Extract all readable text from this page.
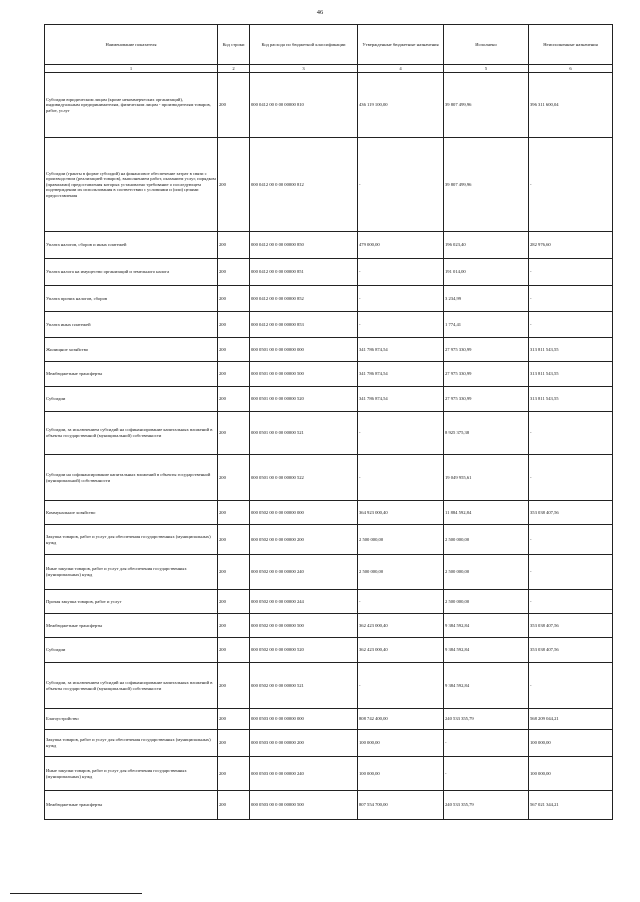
46
Наименование показателя	Код строки	Код расхода по бюджетной классификации	Утвержденные бюджетные назначения	Исполнено	Неисполненные назначения
1	2	3	4	5	6
Субсидии юридическим лицам (кроме некоммерческих организаций), индивидуальным предпринимателям, физическим лицам - производителям товаров, работ, услуг	200	000 0412 00 0 00 00000 810	436 119 100,00	39 807 499,96	396 311 600,04
Субсидии (гранты в форме субсидий) на финансовое обеспечение затрат в связи с производством (реализацией товаров), выполнением работ, оказанием услуг, порядком (правилами) предоставления которых установлено требование о последующем подтверждении их использования в соответствии с условиями и (или) целями предоставления	200	000 0412 00 0 00 00000 812	-	39 807 499,96	-
Уплата налогов, сборов и иных платежей	200	000 0412 00 0 00 00000 850	479 000,00	196 023,40	282 976,60
Уплата налога на имущество организаций и земельного налога	200	000 0412 00 0 00 00000 851	-	191 014,00	-
Уплата прочих налогов, сборов	200	000 0412 00 0 00 00000 852	-	3 234,99	-
Уплата иных платежей	200	000 0412 00 0 00 00000 853	-	1 774,41	-
Жилищное хозяйство	200	000 0501 00 0 00 00000 000	341 786 874,54	27 975 330,99	313 811 543,55
Межбюджетные трансферты	200	000 0501 00 0 00 00000 500	341 786 874,54	27 975 330,99	313 811 543,55
Субсидии	200	000 0501 00 0 00 00000 520	341 786 874,54	27 975 330,99	313 811 543,55
Субсидии, за исключением субсидий на софинансирование капитальных вложений в объекты государственной (муниципальной) собственности	200	000 0501 00 0 00 00000 521	-	8 925 375,38	-
Субсидии на софинансирование капитальных вложений в объекты государственной (муниципальной) собственности	200	000 0501 00 0 00 00000 522	-	19 049 955,61	-
Коммунальное хозяйство	200	000 0502 00 0 00 00000 000	364 923 000,40	11 884 592,84	353 038 407,56
Закупка товаров, работ и услуг для обеспечения государственных (муниципальных) нужд	200	000 0502 00 0 00 00000 200	2 500 000,00	2 500 000,00	-
Иные закупки товаров, работ и услуг для обеспечения государственных (муниципальных) нужд	200	000 0502 00 0 00 00000 240	2 500 000,00	2 500 000,00	-
Прочая закупка товаров, работ и услуг	200	000 0502 00 0 00 00000 244	-	2 500 000,00	-
Межбюджетные трансферты	200	000 0502 00 0 00 00000 500	362 423 000,40	9 384 592,84	353 038 407,56
Субсидии	200	000 0502 00 0 00 00000 520	362 423 000,40	9 384 592,84	353 038 407,56
Субсидии, за исключением субсидий на софинансирование капитальных вложений в объекты государственной (муниципальной) собственности	200	000 0502 00 0 00 00000 521	-	9 384 592,84	-
Благоустройство	200	000 0503 00 0 00 00000 000	808 742 400,00	240 533 355,79	568 209 044,21
Закупка товаров, работ и услуг для обеспечения государственных (муниципальных) нужд	200	000 0503 00 0 00 00000 200	100 000,00	-	100 000,00
Иные закупки товаров, работ и услуг для обеспечения государственных (муниципальных) нужд	200	000 0503 00 0 00 00000 240	100 000,00	-	100 000,00
Межбюджетные трансферты	200	000 0503 00 0 00 00000 500	807 554 700,00	240 533 355,79	567 021 344,21
